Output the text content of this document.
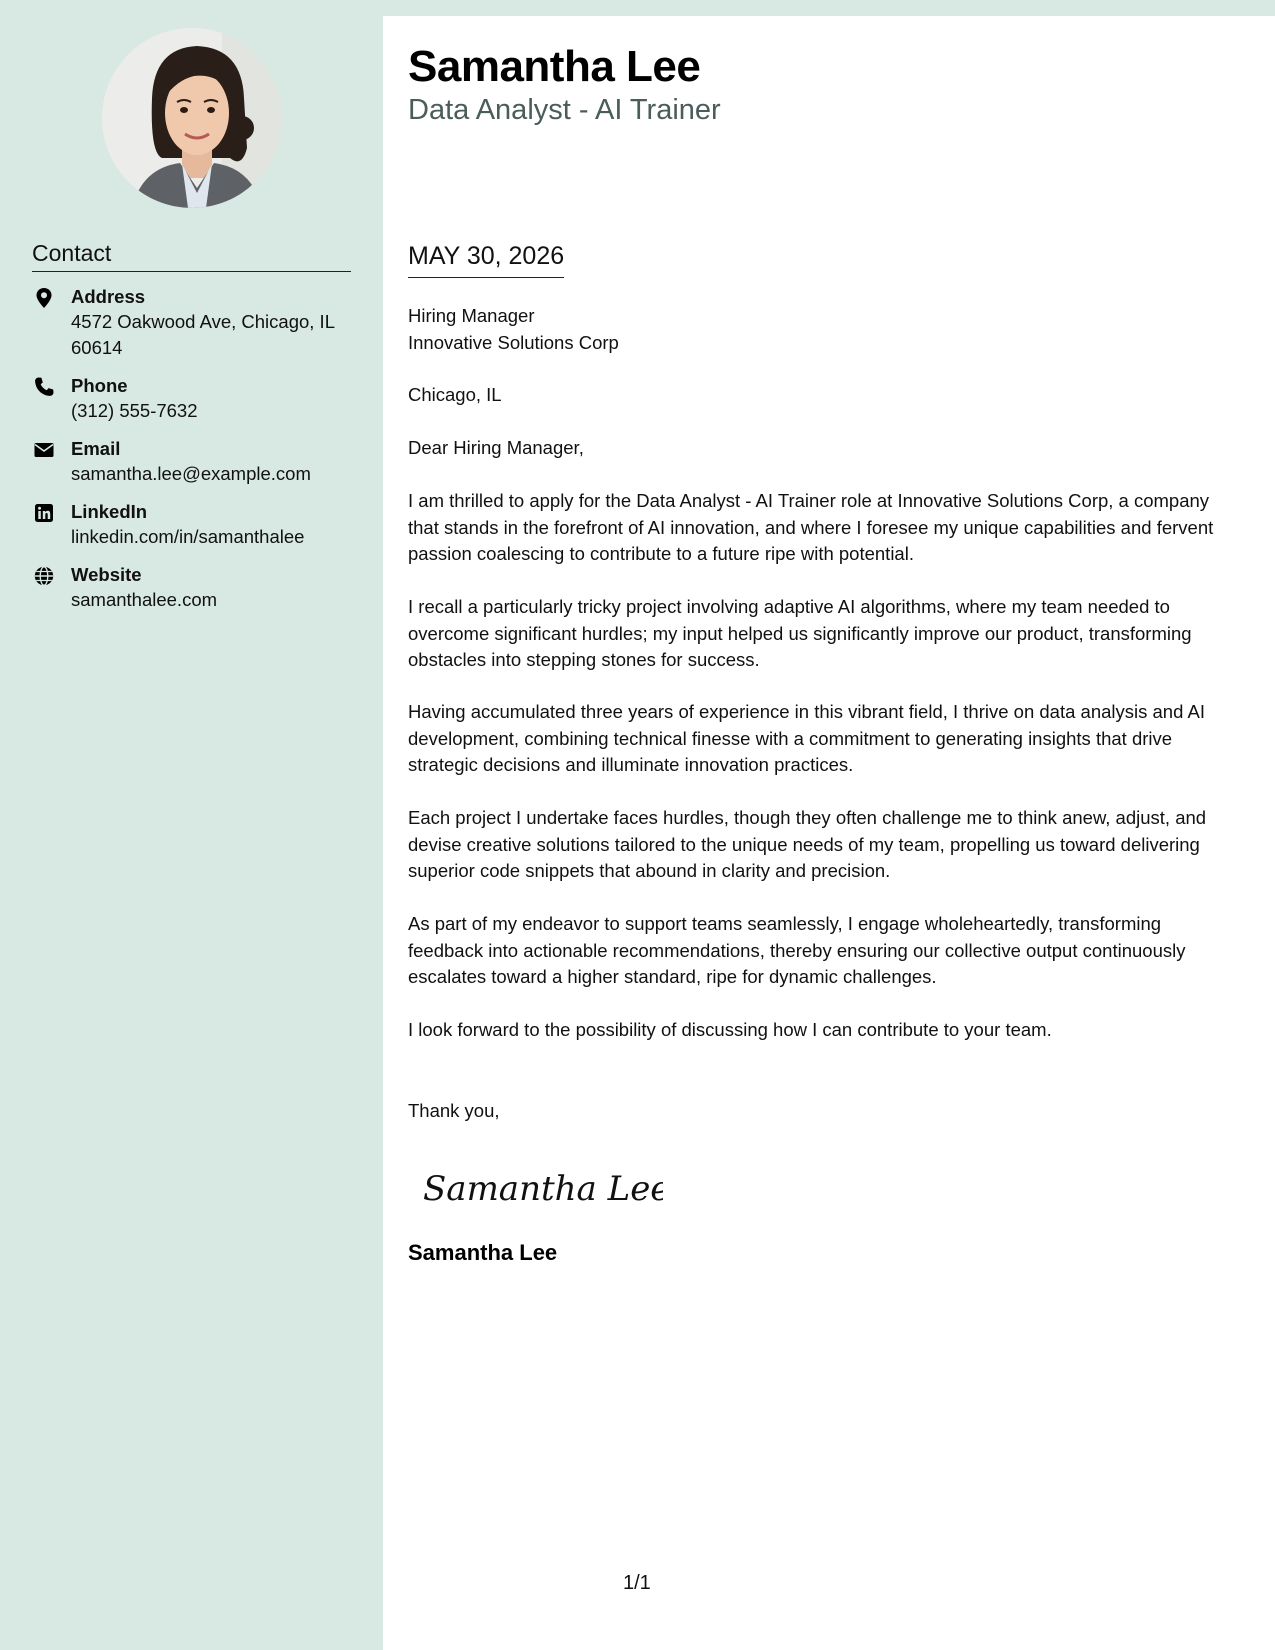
Contact
Address
4572 Oakwood Ave, Chicago, IL 60614
Phone
(312) 555-7632
Email
samantha.lee@example.com
LinkedIn
linkedin.com/in/samanthalee
Website
samanthalee.com
Samantha Lee
Data Analyst - AI Trainer
MAY 30, 2026
Hiring Manager
Innovative Solutions Corp
Chicago, IL
Dear Hiring Manager,

I am thrilled to apply for the Data Analyst - AI Trainer role at Innovative Solutions Corp, a company that stands in the forefront of AI innovation, and where I foresee my unique capabilities and fervent passion coalescing to contribute to a future ripe with potential.

I recall a particularly tricky project involving adaptive AI algorithms, where my team needed to overcome significant hurdles; my input helped us significantly improve our product, transforming obstacles into stepping stones for success.

Having accumulated three years of experience in this vibrant field, I thrive on data analysis and AI development, combining technical finesse with a commitment to generating insights that drive strategic decisions and illuminate innovation practices.

Each project I undertake faces hurdles, though they often challenge me to think anew, adjust, and devise creative solutions tailored to the unique needs of my team, propelling us toward delivering superior code snippets that abound in clarity and precision.

As part of my endeavor to support teams seamlessly, I engage wholeheartedly, transforming feedback into actionable recommendations, thereby ensuring our collective output continuously escalates toward a higher standard, ripe for dynamic challenges.

I look forward to the possibility of discussing how I can contribute to your team.

Thank you,
Samantha Lee
Samantha Lee
1/1
